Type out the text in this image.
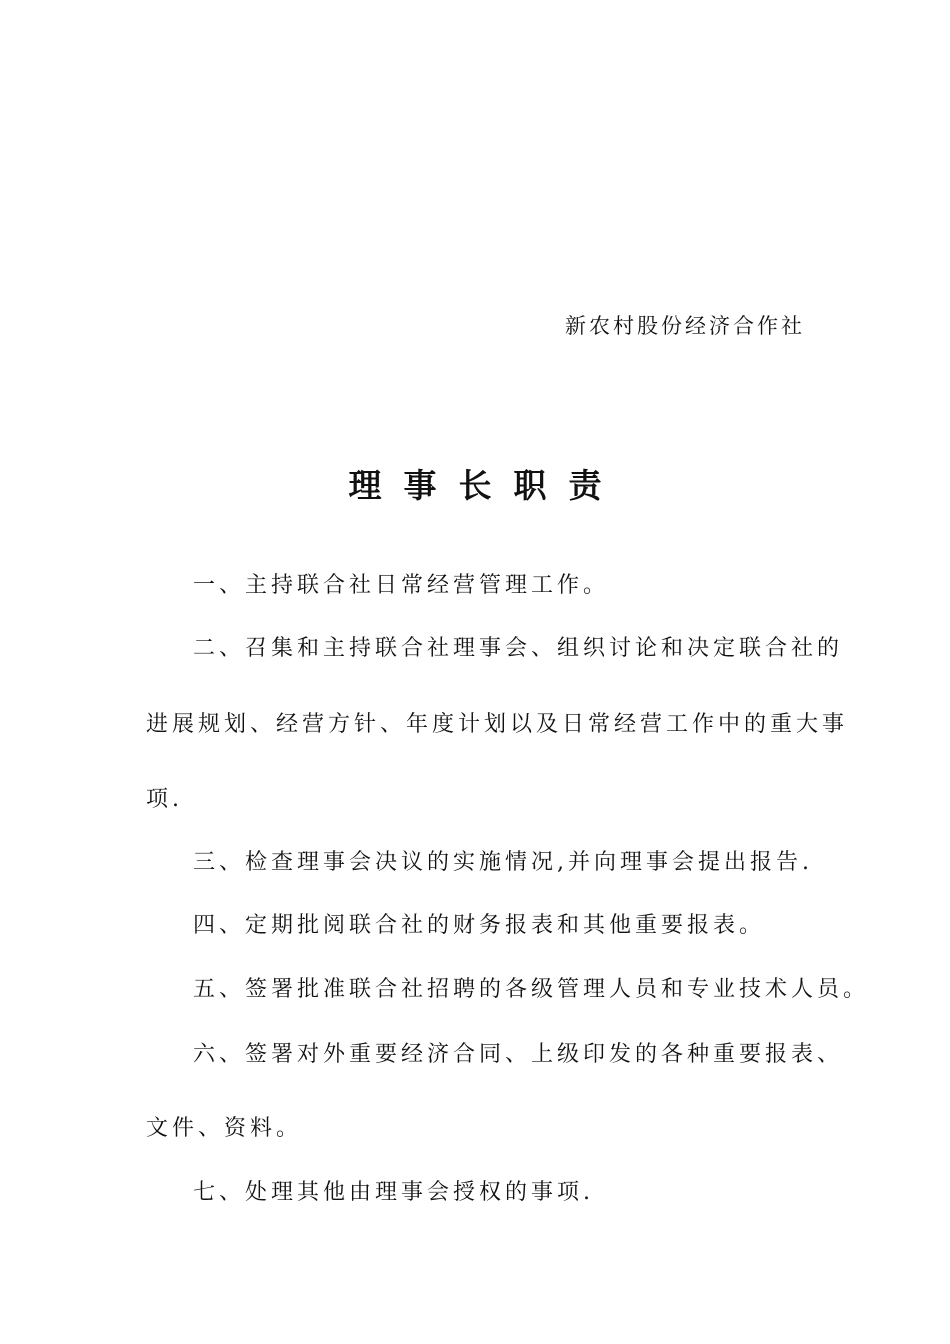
新农村股份经济合作社
理事长职责
一、主持联合社日常经营管理工作。
二、召集和主持联合社理事会、组织讨论和决定联合社的
进展规划、经营方针、年度计划以及日常经营工作中的重大事
项.
三、检查理事会决议的实施情况,并向理事会提出报告.
四、定期批阅联合社的财务报表和其他重要报表。
五、签署批准联合社招聘的各级管理人员和专业技术人员。
六、签署对外重要经济合同、上级印发的各种重要报表、
文件、资料。
七、处理其他由理事会授权的事项.
